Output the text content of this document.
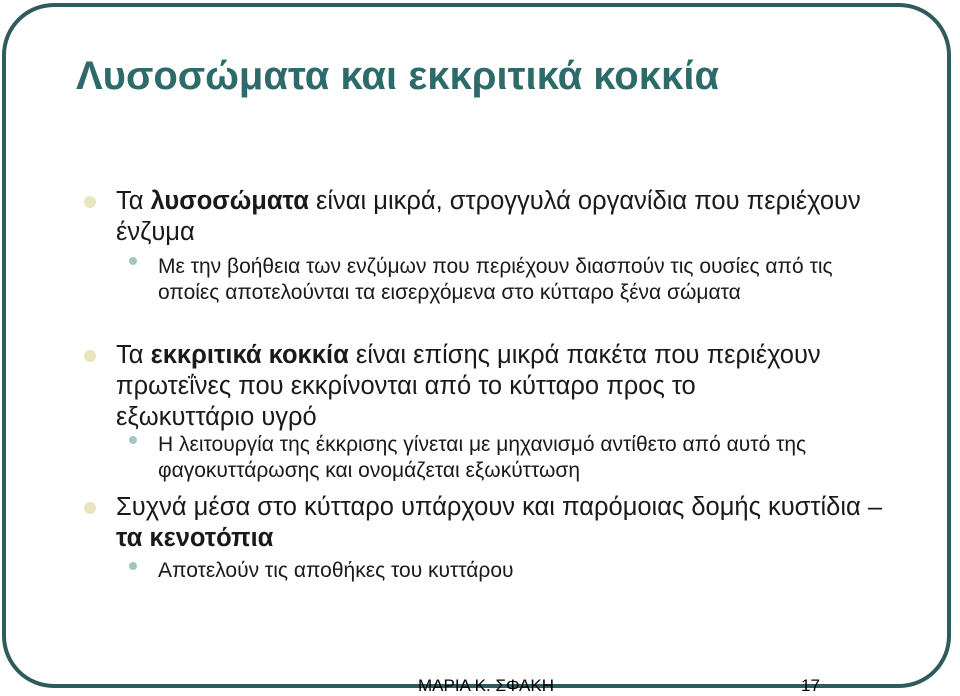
Λυσοσώματα και εκκριτικά κοκκία
Τα λυσοσώματα είναι μικρά, στρογγυλά οργανίδια που περιέχουν ένζυμα
Με την βοήθεια των ενζύμων που περιέχουν διασπούν τις ουσίες από τις οποίες αποτελούνται τα εισερχόμενα στο κύτταρο ξένα σώματα
Τα εκκριτικά κοκκία είναι επίσης μικρά πακέτα που περιέχουν πρωτεΐνες που εκκρίνονται από το κύτταρο προς το εξωκυττάριο υγρό
Η λειτουργία της έκκρισης γίνεται με μηχανισμό αντίθετο από αυτό της φαγοκυττάρωσης και ονομάζεται εξωκύττωση
Συχνά μέσα στο κύτταρο υπάρχουν και παρόμοιας δομής κυστίδια – τα κενοτόπια
Αποτελούν τις αποθήκες του κυττάρου
ΜΑΡΙΑ Κ. ΣΦΑΚΗ	17
